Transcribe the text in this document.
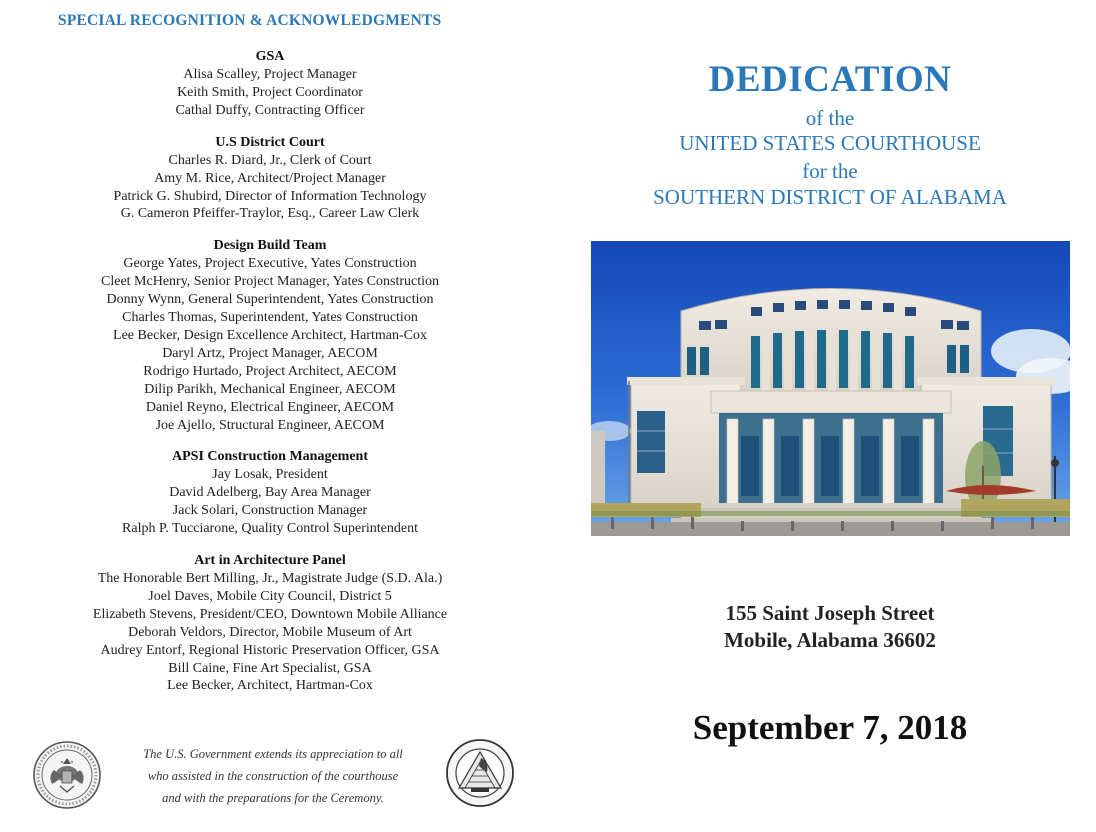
SPECIAL RECOGNITION & ACKNOWLEDGMENTS
GSA
Alisa Scalley, Project Manager
Keith Smith, Project Coordinator
Cathal Duffy, Contracting Officer
U.S District Court
Charles R. Diard, Jr., Clerk of Court
Amy M. Rice, Architect/Project Manager
Patrick G. Shubird, Director of Information Technology
G. Cameron Pfeiffer-Traylor, Esq., Career Law Clerk
Design Build Team
George Yates, Project Executive, Yates Construction
Cleet McHenry, Senior Project Manager, Yates Construction
Donny Wynn, General Superintendent, Yates Construction
Charles Thomas, Superintendent, Yates Construction
Lee Becker, Design Excellence Architect, Hartman-Cox
Daryl Artz, Project Manager, AECOM
Rodrigo Hurtado, Project Architect, AECOM
Dilip Parikh, Mechanical Engineer, AECOM
Daniel Reyno, Electrical Engineer, AECOM
Joe Ajello, Structural Engineer, AECOM
APSI Construction Management
Jay Losak, President
David Adelberg, Bay Area Manager
Jack Solari, Construction Manager
Ralph P. Tucciarone, Quality Control Superintendent
Art in Architecture Panel
The Honorable Bert Milling, Jr., Magistrate Judge (S.D. Ala.)
Joel Daves, Mobile City Council, District 5
Elizabeth Stevens, President/CEO, Downtown Mobile Alliance
Deborah Veldors, Director, Mobile Museum of Art
Audrey Entorf, Regional Historic Preservation Officer, GSA
Bill Caine, Fine Art Specialist, GSA
Lee Becker, Architect, Hartman-Cox
The U.S. Government extends its appreciation to all
who assisted in the construction of the courthouse
and with the preparations for the Ceremony.
DEDICATION
of the
UNITED STATES COURTHOUSE
for the
SOUTHERN DISTRICT OF ALABAMA
155 Saint Joseph Street
Mobile, Alabama 36602
September 7, 2018
